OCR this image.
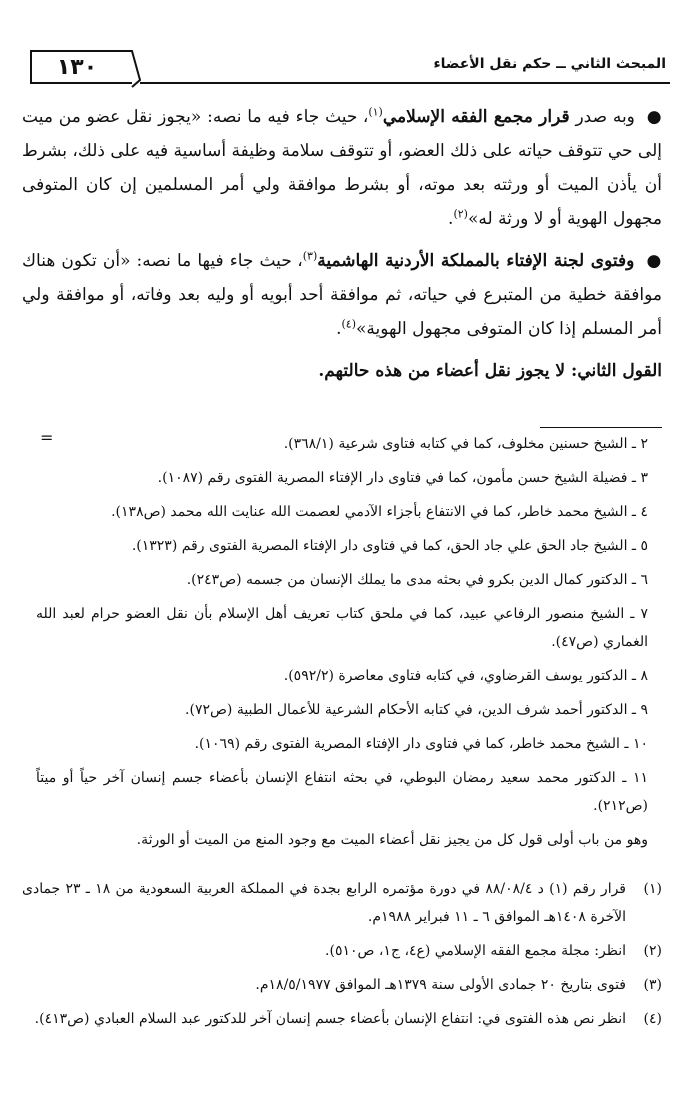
المبحث الثاني ــ حكم نقل الأعضاء
١٣٠

● وبه صدر قرار مجمع الفقه الإسلامي$^{(١)}$، حيث جاء فيه ما نصه: «يجوز نقل عضو من ميت إلى حي تتوقف حياته على ذلك العضو، أو تتوقف سلامة وظيفة أساسية فيه على ذلك، بشرط أن يأذن الميت أو ورثته بعد موته، أو بشرط موافقة ولي أمر المسلمين إن كان المتوفى مجهول الهوية أو لا ورثة له»$^{(٢)}$.

● وفتوى لجنة الإفتاء بالمملكة الأردنية الهاشمية$^{(٣)}$، حيث جاء فيها ما نصه: «أن تكون هناك موافقة خطية من المتبرع في حياته، ثم موافقة أحد أبويه أو وليه بعد وفاته، أو موافقة ولي أمر المسلم إذا كان المتوفى مجهول الهوية»$^{(٤)}$.

القول الثاني: لا يجوز نقل أعضاء من هذه حالتهم.

=	٢ ـ الشيخ حسنين مخلوف، كما في كتابه فتاوى شرعية (٣٦٨/١).

٣ ـ فضيلة الشيخ حسن مأمون، كما في فتاوى دار الإفتاء المصرية الفتوى رقم (١٠٨٧).

٤ ـ الشيخ محمد خاطر، كما في الانتفاع بأجزاء الآدمي لعصمت الله عنايت الله محمد (ص١٣٨).

٥ ـ الشيخ جاد الحق علي جاد الحق، كما في فتاوى دار الإفتاء المصرية الفتوى رقم (١٣٢٣).

٦ ـ الدكتور كمال الدين بكرو في بحثه مدى ما يملك الإنسان من جسمه (ص٢٤٣).

٧ ـ الشيخ منصور الرفاعي عبيد، كما في ملحق كتاب تعريف أهل الإسلام بأن نقل العضو حرام لعبد الله الغماري (ص٤٧).

٨ ـ الدكتور يوسف القرضاوي، في كتابه فتاوى معاصرة (٥٩٢/٢).

٩ ـ الدكتور أحمد شرف الدين، في كتابه الأحكام الشرعية للأعمال الطبية (ص٧٢).

١٠ ـ الشيخ محمد خاطر، كما في فتاوى دار الإفتاء المصرية الفتوى رقم (١٠٦٩).

١١ ـ الدكتور محمد سعيد رمضان البوطي، في بحثه انتفاع الإنسان بأعضاء جسم إنسان آخر حياً أو ميتاً (ص٢١٢).

وهو من باب أولى قول كل من يجيز نقل أعضاء الميت مع وجود المنع من الميت أو الورثة.

(١)
قرار رقم (١) د ٨٨/٠٨/٤ في دورة مؤتمره الرابع بجدة في المملكة العربية السعودية من ١٨ ـ ٢٣ جمادى الآخرة ١٤٠٨هـ الموافق ٦ ـ ١١ فبراير ١٩٨٨م.
(٢)
انظر: مجلة مجمع الفقه الإسلامي (ع٤، ج١، ص٥١٠).
(٣)
فتوى بتاريخ ٢٠ جمادى الأولى سنة ١٣٧٩هـ الموافق ١٨/٥/١٩٧٧م.
(٤)
انظر نص هذه الفتوى في: انتفاع الإنسان بأعضاء جسم إنسان آخر للدكتور عبد السلام العبادي (ص٤١٣).
